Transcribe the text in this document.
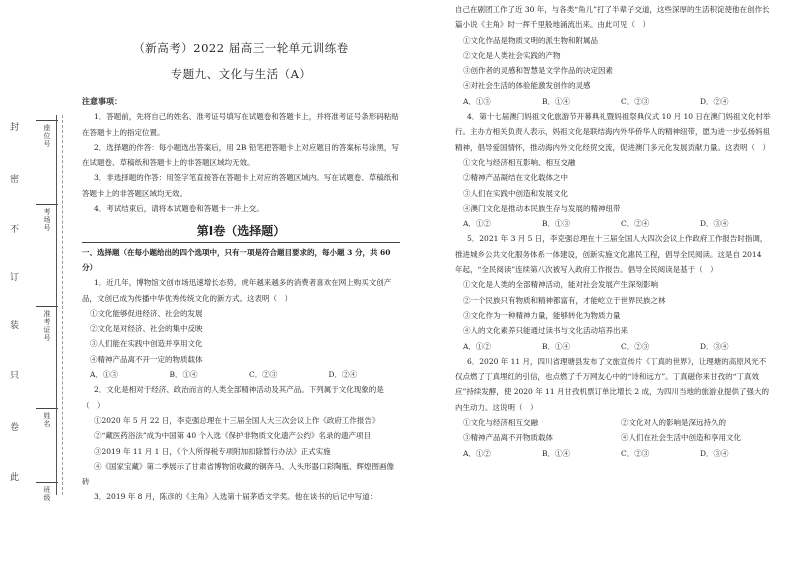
封
密
不
订
装
只
卷
此
座位号
考场号
准考证号
姓名
班级
（新高考）2022 届高三一轮单元训练卷
专题九、文化与生活（A）
注意事项：

1．答题前，先将自己的姓名、准考证号填写在试题卷和答题卡上，并将准考证号条形码粘贴在答题卡上的指定位置。

2．选择题的作答：每小题选出答案后，用 2B 铅笔把答题卡上对应题目的答案标号涂黑，写在试题卷、草稿纸和答题卡上的非答题区域均无效。

3．非选择题的作答：用签字笔直接答在答题卡上对应的答题区域内。写在试题卷、草稿纸和答题卡上的非答题区域均无效。

4．考试结束后，请将本试题卷和答题卡一并上交。

第Ⅰ卷（选择题）

一、选择题（在每小题给出的四个选项中，只有一项是符合题目要求的，每小题 3 分，共 60 分）

1．近几年，博物馆文创市场迅速增长态势。虎年越来越多的消费者喜欢在网上购买文创产品，文创已成为传播中华优秀传统文化的新方式。这表明（　）

①文化能够促进经济、社会的发展

②文化是对经济、社会的集中反映

③人们能在实践中创造并享用文化

④精神产品离不开一定的物质载体

A．①③	B．①④	C．②③	D．②④

2．文化是相对于经济、政治而言的人类全部精神活动及其产品。下列属于文化现象的是（　）

①2020 年 5 月 22 日，李克强总理在十三届全国人大三次会议上作《政府工作报告》

②“藏医药浴法”成为中国第 40 个入选《保护非物质文化遗产公约》名录的遗产项目

③2019 年 11 月 1 日，《个人所得税专项附加扣除暂行办法》正式实施

④《国家宝藏》第二季展示了甘肃省博物馆收藏的铜奔马、人头形器口彩陶瓶、辉煌图画像砖

3．2019 年 8 月，陈彦的《主角》入选第十届茅盾文学奖。他在谈书的后记中写道：

自己在剧团工作了近 30 年，与各类“角儿”打了半辈子交道，这些深厚的生活积淀使他在创作长篇小说《主角》时一挥千里般地涌流出来。由此可见（　）

①文化作品是物质文明的派生物和附属品

②文化是人类社会实践的产物

③创作者的灵感和智慧是文学作品的决定因素

④对社会生活的体验能激发创作的灵感

A．①③	B．①④	C．②③	D．②④

4．第十七届澳门妈祖文化旅游节开幕典礼暨妈祖祭典仪式 10 月 10 日在澳门妈祖文化村举行。主办方相关负责人表示，妈祖文化是联结海内外华侨华人的精神纽带，愿为进一步弘扬妈祖精神，倡导爱国情怀，推动海内外文化经贸交流，促进澳门多元化发展贡献力量。这表明（　）

①文化与经济相互影响、相互交融

②精神产品凝结在文化载体之中

③人们在实践中创造和发展文化

④澳门文化是推动本民族生存与发展的精神纽带

A．①②	B．①③	C．②④	D．③④

5．2021 年 3 月 5 日，李克强总理在十三届全国人大四次会议上作政府工作报告时指调，推进城乡公共文化服务体系一体建设，创新实施文化惠民工程，倡导全民阅读。这是自 2014 年起，“全民阅读”连续第八次被写入政府工作报告。倡导全民阅读是基于（　）

①文化是人类的全部精神活动，能对社会发展产生深刻影响

②一个民族只有物质和精神都富有，才能屹立于世界民族之林

③文化作为一种精神力量，能够转化为物质力量

④人的文化素养只能通过读书与文化活动培养出来

A．①②	B．①④	C．②③	D．③④

6．2020 年 11 月，四川省理塘县发布了文旅宣传片《丁真的世界》，让理塘的高原风光不仅点燃了丁真埋红的引信，也点燃了千万网友心中的“诗和远方”。丁真磁你来甘孜的“丁真效应”持续发酵，使 2020 年 11 月甘孜机票订单比增长 2 成，为四川当地的旅游业提供了强大的内生动力。这说明（　）

①文化与经济相互交融	②文化对人的影响是深远持久的
③精神产品离不开物质载体	④人们在社会生活中创造和享用文化
A．①②	B．①④	C．②③	D．③④
